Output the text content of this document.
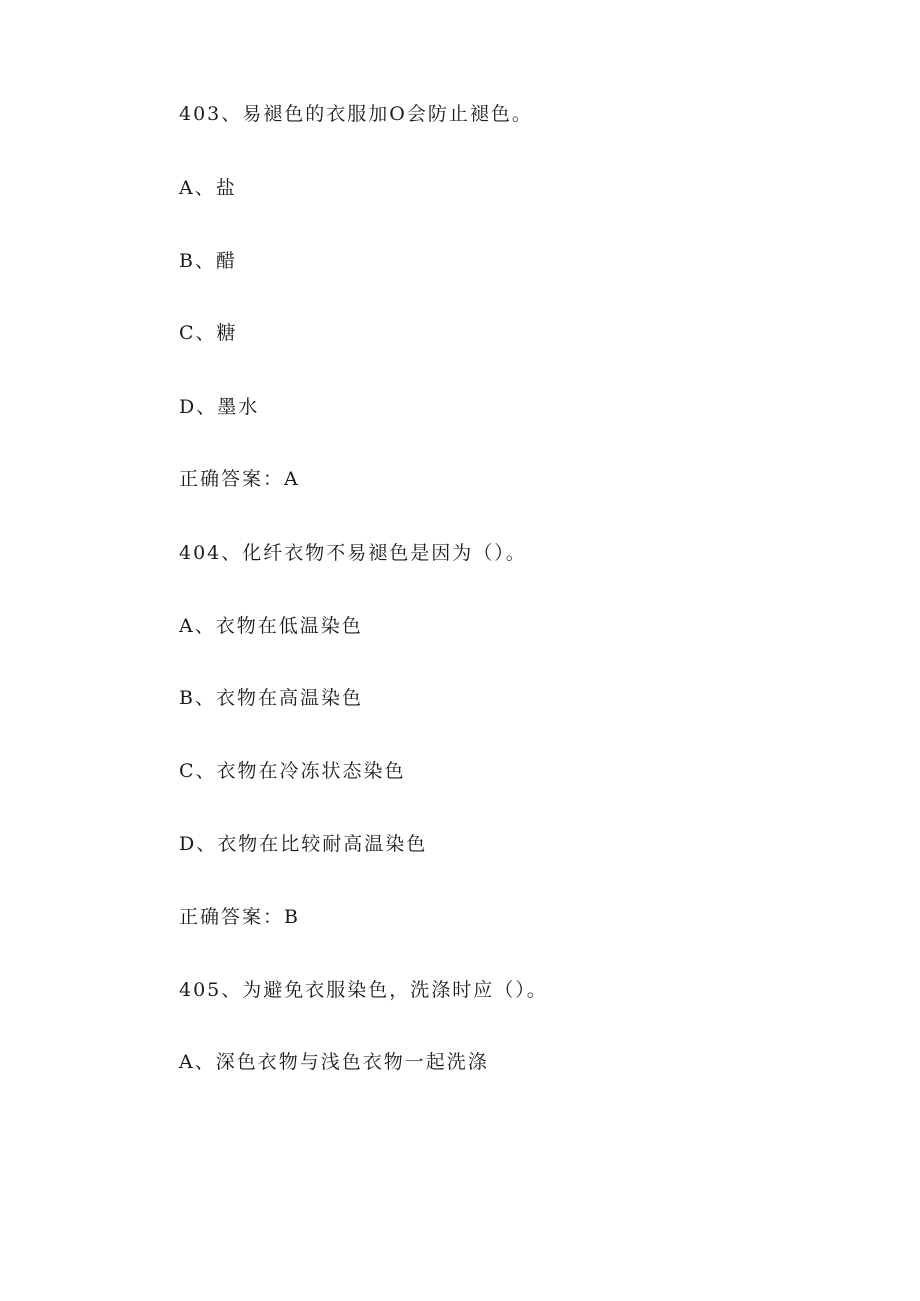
403、易褪色的衣服加O会防止褪色。
A、盐
B、醋
C、糖
D、墨水
正确答案：A
404、化纤衣物不易褪色是因为（）。
A、衣物在低温染色
B、衣物在高温染色
C、衣物在冷冻状态染色
D、衣物在比较耐高温染色
正确答案：B
405、为避免衣服染色，洗涤时应（）。
A、深色衣物与浅色衣物一起洗涤
